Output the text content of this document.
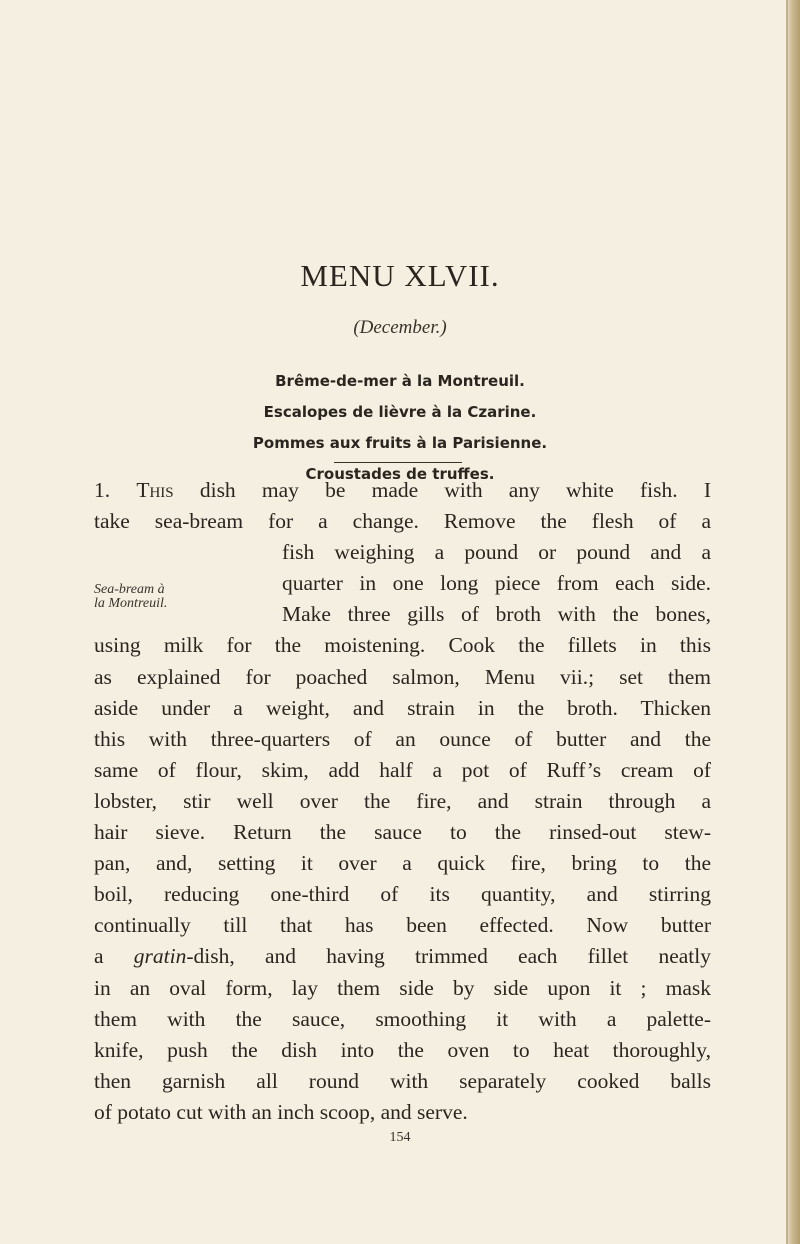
MENU XLVII.
(December.)
Brême-de-mer à la Montreuil.
Escalopes de lièvre à la Czarine.
Pommes aux fruits à la Parisienne.
Croustades de truffes.
Sea-bream à
la Montreuil.
1. This dish may be made with any white fish. I
take sea-bream for a change. Remove the flesh of a
fish weighing a pound or pound and a
quarter in one long piece from each side.
Make three gills of broth with the bones,
using milk for the moistening. Cook the fillets in this
as explained for poached salmon, Menu vii.; set them
aside under a weight, and strain in the broth. Thicken
this with three-quarters of an ounce of butter and the
same of flour, skim, add half a pot of Ruff’s cream of
lobster, stir well over the fire, and strain through a
hair sieve. Return the sauce to the rinsed-out stew-
pan, and, setting it over a quick fire, bring to the
boil, reducing one-third of its quantity, and stirring
continually till that has been effected. Now butter
a gratin-dish, and having trimmed each fillet neatly
in an oval form, lay them side by side upon it ; mask
them with the sauce, smoothing it with a palette-
knife, push the dish into the oven to heat thoroughly,
then garnish all round with separately cooked balls
of potato cut with an inch scoop, and serve.
154
